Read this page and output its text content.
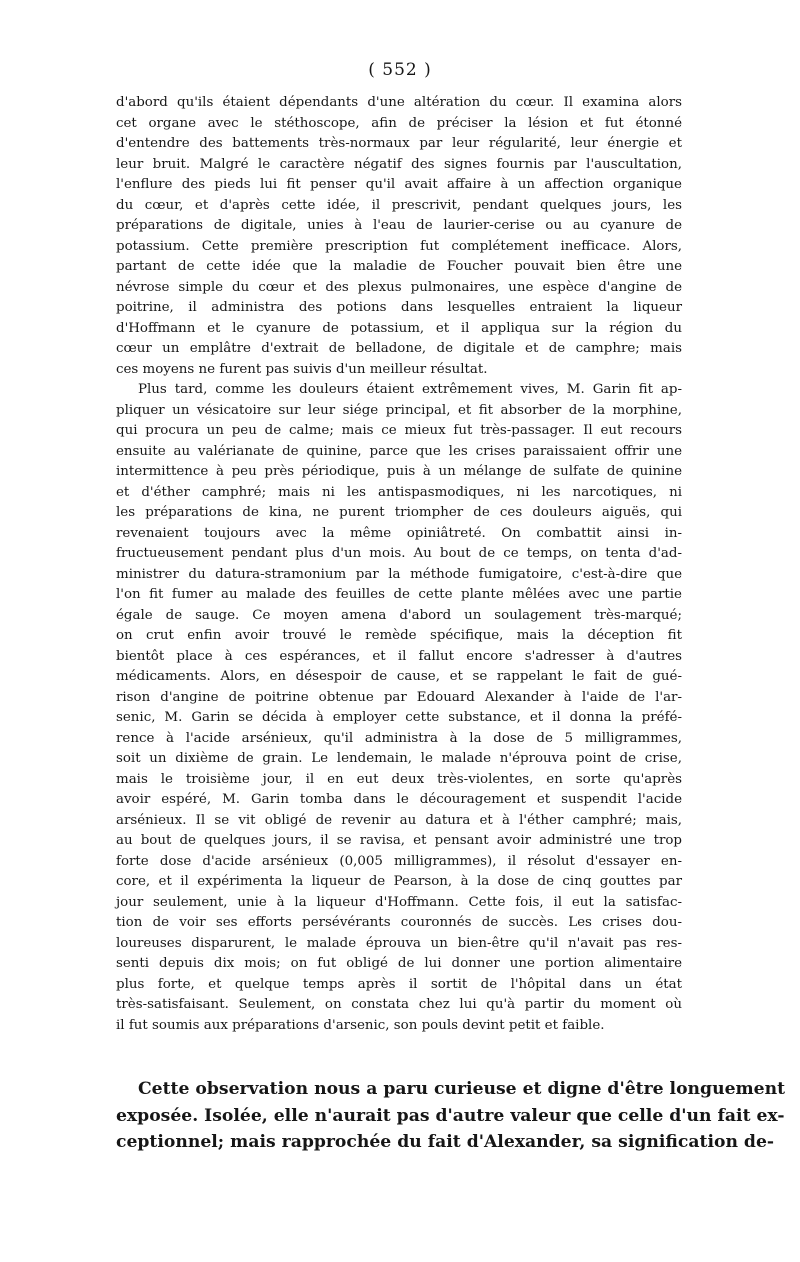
( 552 )
d'abord qu'ils étaient dépendants d'une altération du cœur. Il examina alors
cet organe avec le stéthoscope, afin de préciser la lésion et fut étonné
d'entendre des battements très-normaux par leur régularité, leur énergie et
leur bruit. Malgré le caractère négatif des signes fournis par l'auscultation,
l'enflure des pieds lui fit penser qu'il avait affaire à un affection organique
du cœur, et d'après cette idée, il prescrivit, pendant quelques jours, les
préparations de digitale, unies à l'eau de laurier-cerise ou au cyanure de
potassium. Cette première prescription fut complétement inefficace. Alors,
partant de cette idée que la maladie de Foucher pouvait bien être une
névrose simple du cœur et des plexus pulmonaires, une espèce d'angine de
poitrine, il administra des potions dans lesquelles entraient la liqueur
d'Hoffmann et le cyanure de potassium, et il appliqua sur la région du
cœur un emplâtre d'extrait de belladone, de digitale et de camphre; mais
ces moyens ne furent pas suivis d'un meilleur résultat.
Plus tard, comme les douleurs étaient extrêmement vives, M. Garin fit ap-
pliquer un vésicatoire sur leur siége principal, et fit absorber de la morphine,
qui procura un peu de calme; mais ce mieux fut très-passager. Il eut recours
ensuite au valérianate de quinine, parce que les crises paraissaient offrir une
intermittence à peu près périodique, puis à un mélange de sulfate de quinine
et d'éther camphré; mais ni les antispasmodiques, ni les narcotiques, ni
les préparations de kina, ne purent triompher de ces douleurs aiguës, qui
revenaient toujours avec la même opiniâtreté. On combattit ainsi in-
fructueusement pendant plus d'un mois. Au bout de ce temps, on tenta d'ad-
ministrer du datura-stramonium par la méthode fumigatoire, c'est-à-dire que
l'on fit fumer au malade des feuilles de cette plante mêlées avec une partie
égale de sauge. Ce moyen amena d'abord un soulagement très-marqué;
on crut enfin avoir trouvé le remède spécifique, mais la déception fit
bientôt place à ces espérances, et il fallut encore s'adresser à d'autres
médicaments. Alors, en désespoir de cause, et se rappelant le fait de gué-
rison d'angine de poitrine obtenue par Edouard Alexander à l'aide de l'ar-
senic, M. Garin se décida à employer cette substance, et il donna la préfé-
rence à l'acide arsénieux, qu'il administra à la dose de 5 milligrammes,
soit un dixième de grain. Le lendemain, le malade n'éprouva point de crise,
mais le troisième jour, il en eut deux très-violentes, en sorte qu'après
avoir espéré, M. Garin tomba dans le découragement et suspendit l'acide
arsénieux. Il se vit obligé de revenir au datura et à l'éther camphré; mais,
au bout de quelques jours, il se ravisa, et pensant avoir administré une trop
forte dose d'acide arsénieux (0,005 milligrammes), il résolut d'essayer en-
core, et il expérimenta la liqueur de Pearson, à la dose de cinq gouttes par
jour seulement, unie à la liqueur d'Hoffmann. Cette fois, il eut la satisfac-
tion de voir ses efforts persévérants couronnés de succès. Les crises dou-
loureuses disparurent, le malade éprouva un bien-être qu'il n'avait pas res-
senti depuis dix mois; on fut obligé de lui donner une portion alimentaire
plus forte, et quelque temps après il sortit de l'hôpital dans un état
très-satisfaisant. Seulement, on constata chez lui qu'à partir du moment où
il fut soumis aux préparations d'arsenic, son pouls devint petit et faible.
Cette observation nous a paru curieuse et digne d'être longuement
exposée. Isolée, elle n'aurait pas d'autre valeur que celle d'un fait ex-
ceptionnel; mais rapprochée du fait d'Alexander, sa signification de-
